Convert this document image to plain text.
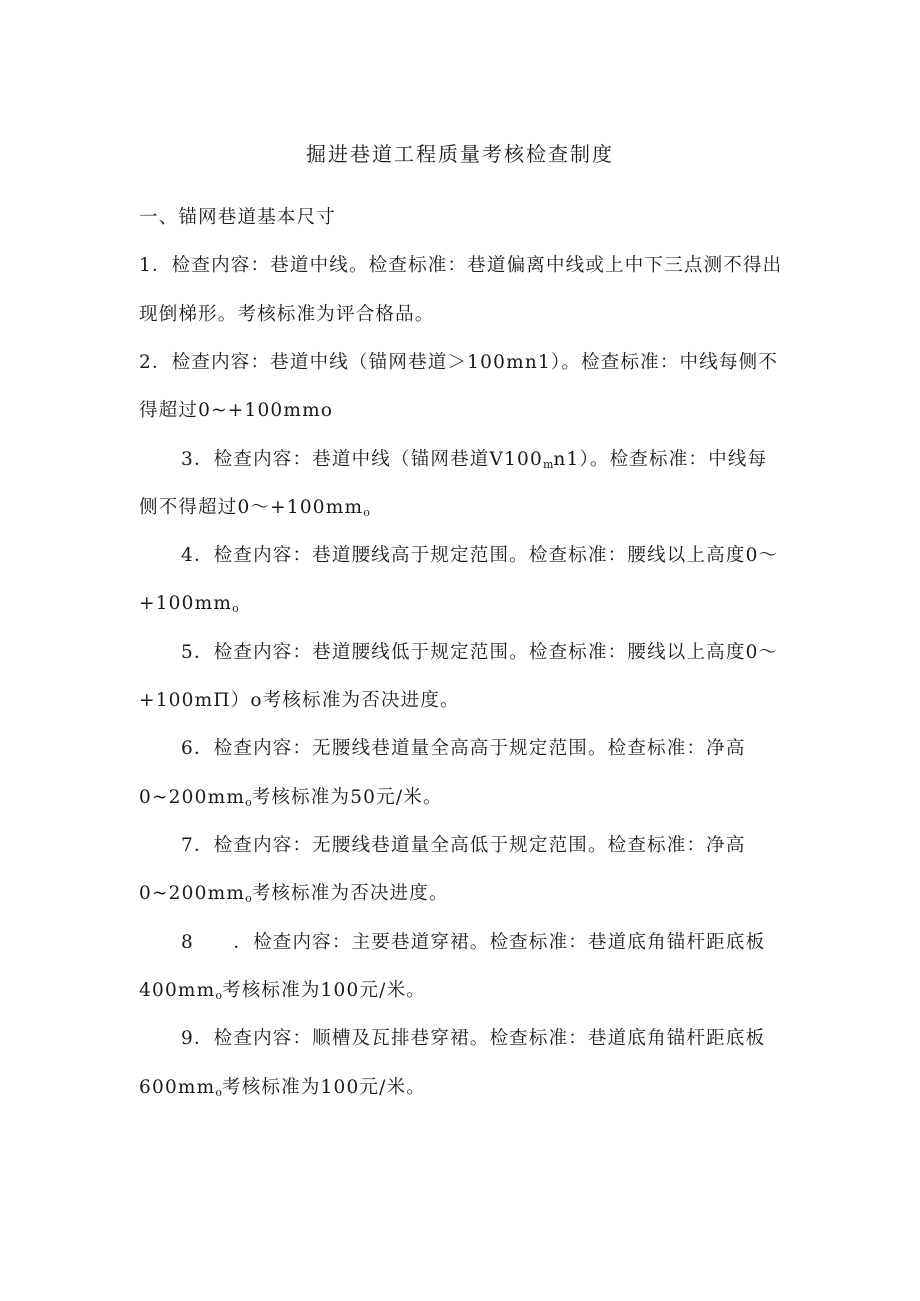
掘进巷道工程质量考核检查制度
一、锚网巷道基本尺寸
1．检查内容：巷道中线。检查标准：巷道偏离中线或上中下三点测不得出
现倒梯形。考核标准为评合格品。
2．检查内容：巷道中线（锚网巷道＞100mn1）。检查标准：中线每侧不
得超过0~+100mmo
3．检查内容：巷道中线（锚网巷道$V100_mn1$）。检查标准：中线每
侧不得超过$0\sim+100mm_o$
4．检查内容：巷道腰线高于规定范围。检查标准：腰线以上高度0～
$+100mm_o$
5．检查内容：巷道腰线低于规定范围。检查标准：腰线以上高度0～
+100mП）o考核标准为否决进度。
6．检查内容：无腰线巷道量全高高于规定范围。检查标准：净高
$0\sim 200mm_o$考核标准为50元/米。
7．检查内容：无腰线巷道量全高低于规定范围。检查标准：净高
$0\sim 200mm_o$考核标准为否决进度。
8　　．检查内容：主要巷道穿裙。检查标准：巷道底角锚杆距底板
$400mm_o$考核标准为100元/米。
9．检查内容：顺槽及瓦排巷穿裙。检查标准：巷道底角锚杆距底板
$600mm_o$考核标准为100元/米。
